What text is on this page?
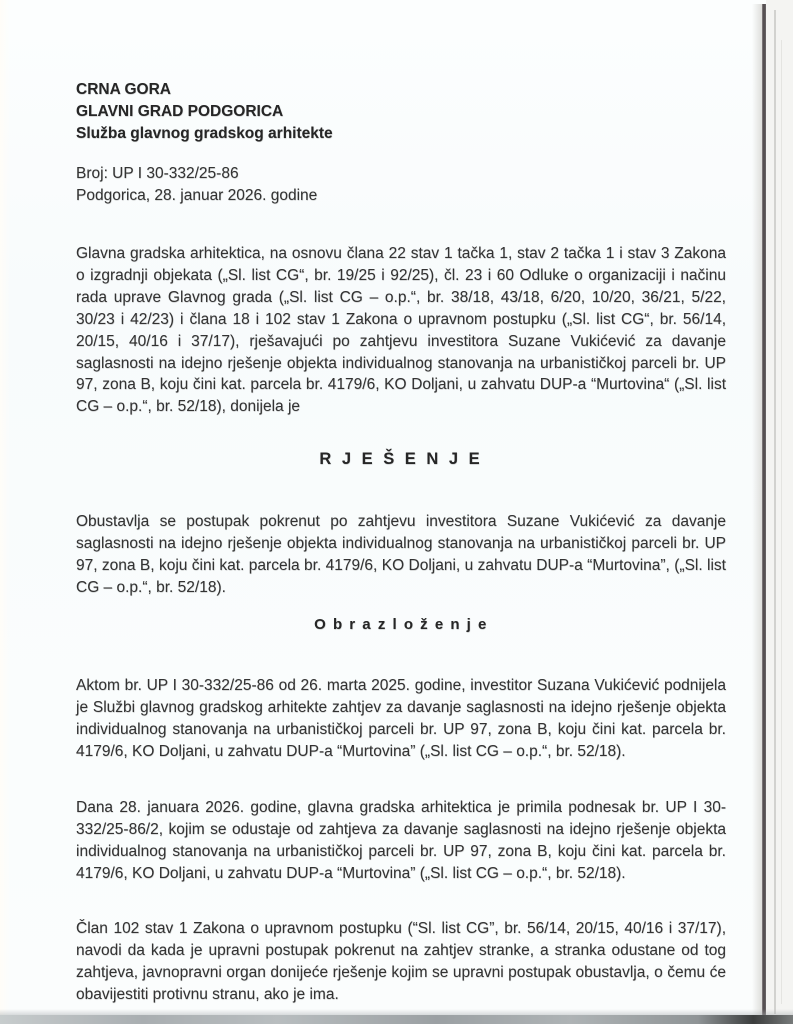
CRNA GORA
GLAVNI GRAD PODGORICA
Služba glavnog gradskog arhitekte
Broj: UP I 30-332/25-86
Podgorica, 28. januar 2026. godine

Glavna gradska arhitektica, na osnovu člana 22 stav 1 tačka 1, stav 2 tačka 1 i stav 3 Zakona o izgradnji objekata („Sl. list CG“, br. 19/25 i 92/25), čl. 23 i 60 Odluke o organizaciji i načinu rada uprave Glavnog grada („Sl. list CG – o.p.“, br. 38/18, 43/18, 6/20, 10/20, 36/21, 5/22, 30/23 i 42/23) i člana 18 i 102 stav 1 Zakona o upravnom postupku („Sl. list CG“, br. 56/14, 20/15, 40/16 i 37/17), rješavajući po zahtjevu investitora Suzane Vukićević za davanje saglasnosti na idejno rješenje objekta individualnog stanovanja na urbanističkoj parceli br. UP 97, zona B, koju čini kat. parcela br. 4179/6, KO Doljani, u zahvatu DUP-a “Murtovina“ („Sl. list CG – o.p.“, br. 52/18), donijela je

R J E Š E N J E

Obustavlja se postupak pokrenut po zahtjevu investitora Suzane Vukićević za davanje saglasnosti na idejno rješenje objekta individualnog stanovanja na urbanističkoj parceli br. UP 97, zona B, koju čini kat. parcela br. 4179/6, KO Doljani, u zahvatu DUP-a “Murtovina”, („Sl. list CG – o.p.“, br. 52/18).

O b r a z l o ž e n j e

Aktom br. UP I 30-332/25-86 od 26. marta 2025. godine, investitor Suzana Vukićević podnijela je Službi glavnog gradskog arhitekte zahtjev za davanje saglasnosti na idejno rješenje objekta individualnog stanovanja na urbanističkoj parceli br. UP 97, zona B, koju čini kat. parcela br. 4179/6, KO Doljani, u zahvatu DUP-a “Murtovina” („Sl. list CG – o.p.“, br. 52/18).

Dana 28. januara 2026. godine, glavna gradska arhitektica je primila podnesak br. UP I 30-332/25-86/2, kojim se odustaje od zahtjeva za davanje saglasnosti na idejno rješenje objekta individualnog stanovanja na urbanističkoj parceli br. UP 97, zona B, koju čini kat. parcela br. 4179/6, KO Doljani, u zahvatu DUP-a “Murtovina” („Sl. list CG – o.p.“, br. 52/18).

Član 102 stav 1 Zakona o upravnom postupku (“Sl. list CG”, br. 56/14, 20/15, 40/16 i 37/17), navodi da kada je upravni postupak pokrenut na zahtjev stranke, a stranka odustane od tog zahtjeva, javnopravni organ donijeće rješenje kojim se upravni postupak obustavlja, o čemu će obavijestiti protivnu stranu, ako je ima.
